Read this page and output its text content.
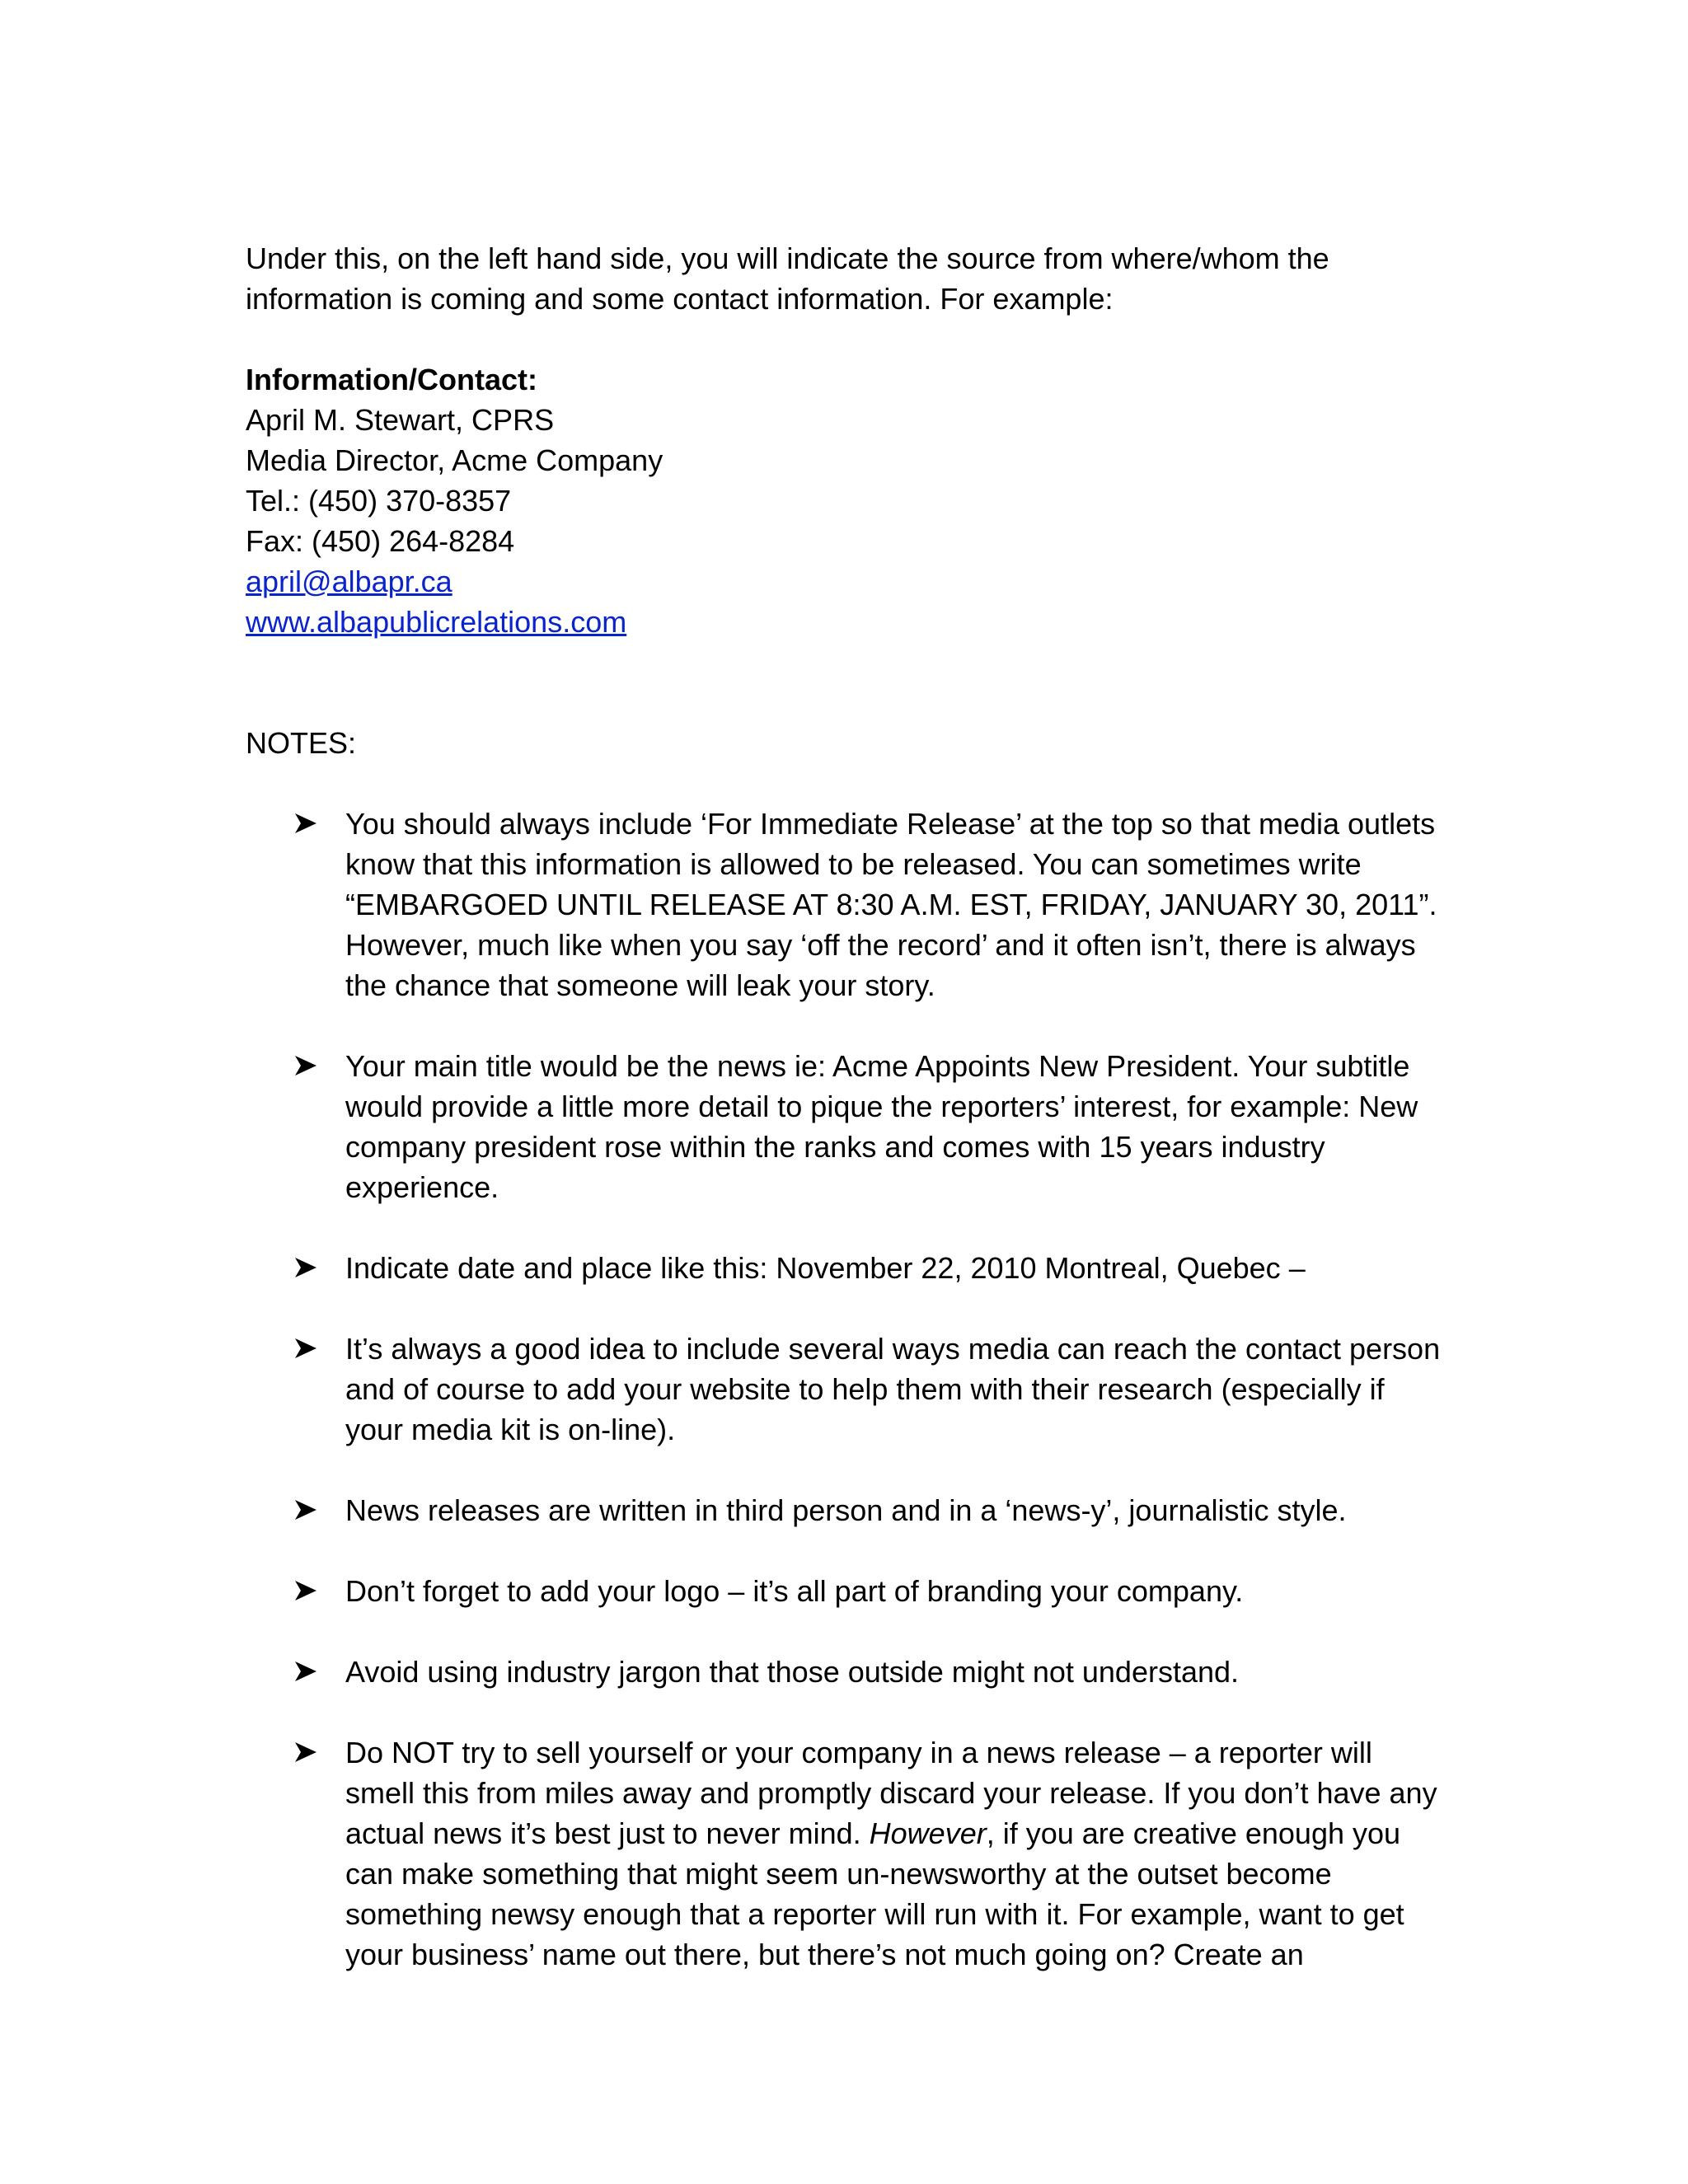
Under this, on the left hand side, you will indicate the source from where/whom the information is coming and some contact information. For example:

Information/Contact:

April M. Stewart, CPRS

Media Director, Acme Company

Tel.: (450) 370-8357

Fax: (450) 264-8284

april@albapr.ca

www.albapublicrelations.com

NOTES:

You should always include ‘For Immediate Release’ at the top so that media outlets know that this information is allowed to be released. You can sometimes write “EMBARGOED UNTIL RELEASE AT 8:30 A.M. EST, FRIDAY, JANUARY 30, 2011”. However, much like when you say ‘off the record’ and it often isn’t, there is always the chance that someone will leak your story.
Your main title would be the news ie: Acme Appoints New President. Your subtitle would provide a little more detail to pique the reporters’ interest, for example: New company president rose within the ranks and comes with 15 years industry experience.
Indicate date and place like this: November 22, 2010 Montreal, Quebec –
It’s always a good idea to include several ways media can reach the contact person and of course to add your website to help them with their research (especially if your media kit is on-line).
News releases are written in third person and in a ‘news-y’, journalistic style.
Don’t forget to add your logo – it’s all part of branding your company.
Avoid using industry jargon that those outside might not understand.
Do NOT try to sell yourself or your company in a news release – a reporter will smell this from miles away and promptly discard your release. If you don’t have any actual news it’s best just to never mind. However, if you are creative enough you can make something that might seem un-newsworthy at the outset become something newsy enough that a reporter will run with it. For example, want to get your business’ name out there, but there’s not much going on? Create an
